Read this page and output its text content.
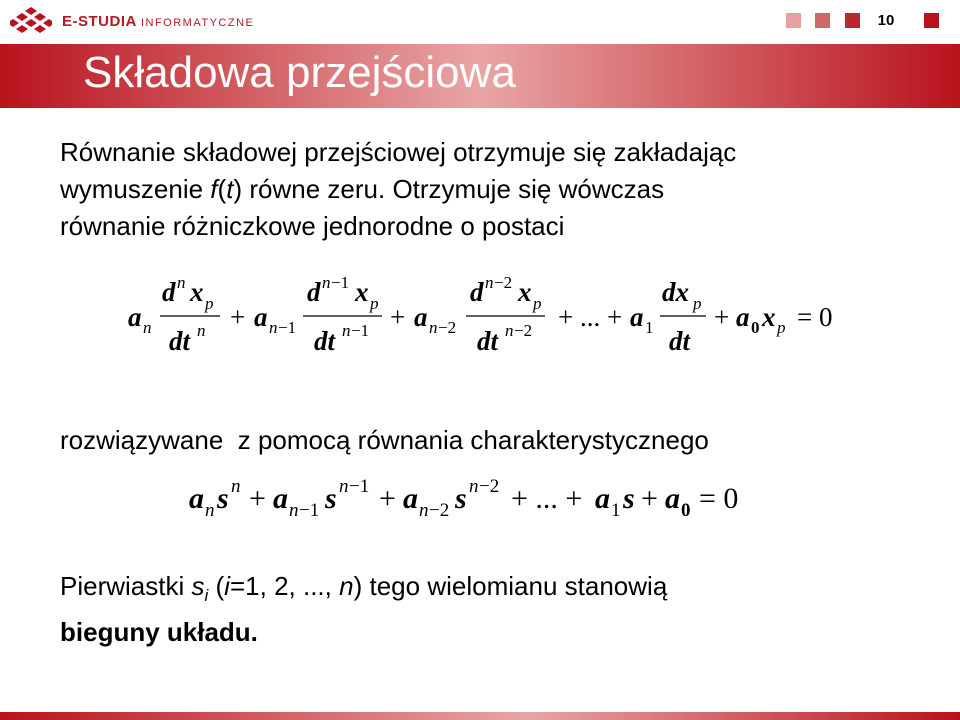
E-STUDIA INFORMATYCZNE	10
Składowa przejściowa
Równanie składowej przejściowej otrzymuje się zakładając
wymuszenie f(t) równe zeru. Otrzymuje się wówczas
równanie różniczkowe jednorodne o postaci
a n
d n x p
dt n + a n −1
d n −1 x p
dt n −1 + a n −2
d n −2 x p
dt n −2 + ... + a 1
dx p
dt
+ a 0 x p = 0
rozwiązywane  z pomocą równania charakterystycznego
a n s n + a n −1 s n −1 + a n −2 s n −2 + ... + a 1 s + a 0 = 0
Pierwiastki $s_i$ (i=1, 2, ..., n) tego wielomianu stanowią
bieguny układu.
